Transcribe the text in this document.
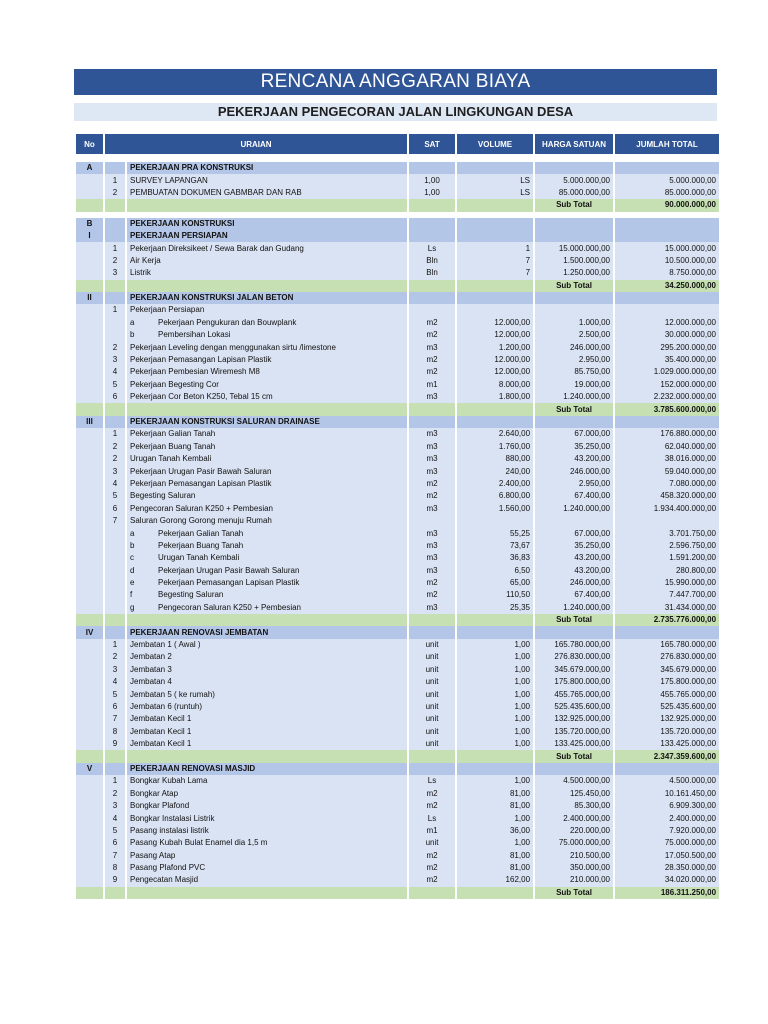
RENCANA ANGGARAN BIAYA
PEKERJAAN PENGECORAN JALAN LINGKUNGAN DESA
No	URAIAN		SAT	VOLUME	HARGA SATUAN	JUMLAH TOTAL

A		PEKERJAAN PRA KONSTRUKSI				
	1	SURVEY LAPANGAN	1,00	LS	5.000.000,00	5.000.000,00
	2	PEMBUATAN DOKUMEN GABMBAR DAN RAB	1,00	LS	85.000.000,00	85.000.000,00
					Sub Total	90.000.000,00

B		PEKERJAAN KONSTRUKSI				
I		PEKERJAAN PERSIAPAN				
	1	Pekerjaan Direksikeet / Sewa Barak dan Gudang	Ls	1	15.000.000,00	15.000.000,00
	2	Air Kerja	Bln	7	1.500.000,00	10.500.000,00
	3	Listrik	Bln	7	1.250.000,00	8.750.000,00
					Sub Total	34.250.000,00
II		PEKERJAAN KONSTRUKSI JALAN BETON				
	1	Pekerjaan Persiapan				
		a Pekerjaan Pengukuran dan Bouwplank	m2	12.000,00	1.000,00	12.000.000,00
		b Pembersihan Lokasi	m2	12.000,00	2.500,00	30.000.000,00
	2	Pekerjaan Leveling dengan menggunakan sirtu /limestone	m3	1.200,00	246.000,00	295.200.000,00
	3	Pekerjaan Pemasangan Lapisan Plastik	m2	12.000,00	2.950,00	35.400.000,00
	4	Pekerjaan Pembesian Wiremesh M8	m2	12.000,00	85.750,00	1.029.000.000,00
	5	Pekerjaan Begesting Cor	m1	8.000,00	19.000,00	152.000.000,00
	6	Pekerjaan Cor Beton K250, Tebal 15 cm	m3	1.800,00	1.240.000,00	2.232.000.000,00
					Sub Total	3.785.600.000,00
III		PEKERJAAN KONSTRUKSI SALURAN DRAINASE				
	1	Pekerjaan Galian Tanah	m3	2.640,00	67.000,00	176.880.000,00
	2	Pekerjaan Buang Tanah	m3	1.760,00	35.250,00	62.040.000,00
	2	Urugan Tanah Kembali	m3	880,00	43.200,00	38.016.000,00
	3	Pekerjaan Urugan Pasir Bawah Saluran	m3	240,00	246.000,00	59.040.000,00
	4	Pekerjaan Pemasangan Lapisan Plastik	m2	2.400,00	2.950,00	7.080.000,00
	5	Begesting Saluran	m2	6.800,00	67.400,00	458.320.000,00
	6	Pengecoran Saluran K250 + Pembesian	m3	1.560,00	1.240.000,00	1.934.400.000,00
	7	Saluran Gorong Gorong menuju Rumah				
		a Pekerjaan Galian Tanah	m3	55,25	67.000,00	3.701.750,00
		b Pekerjaan Buang Tanah	m3	73,67	35.250,00	2.596.750,00
		c Urugan Tanah Kembali	m3	36,83	43.200,00	1.591.200,00
		d Pekerjaan Urugan Pasir Bawah Saluran	m3	6,50	43.200,00	280.800,00
		e Pekerjaan Pemasangan Lapisan Plastik	m2	65,00	246.000,00	15.990.000,00
		f Begesting Saluran	m2	110,50	67.400,00	7.447.700,00
		g Pengecoran Saluran K250 + Pembesian	m3	25,35	1.240.000,00	31.434.000,00
					Sub Total	2.735.776.000,00
IV		PEKERJAAN RENOVASI JEMBATAN				
	1	Jembatan 1 ( Awal )	unit	1,00	165.780.000,00	165.780.000,00
	2	Jembatan 2	unit	1,00	276.830.000,00	276.830.000,00
	3	Jembatan 3	unit	1,00	345.679.000,00	345.679.000,00
	4	Jembatan 4	unit	1,00	175.800.000,00	175.800.000,00
	5	Jembatan 5 ( ke rumah)	unit	1,00	455.765.000,00	455.765.000,00
	6	Jembatan 6 (runtuh)	unit	1,00	525.435.600,00	525.435.600,00
	7	Jembatan Kecil 1	unit	1,00	132.925.000,00	132.925.000,00
	8	Jembatan Kecil 1	unit	1,00	135.720.000,00	135.720.000,00
	9	Jembatan Kecil 1	unit	1,00	133.425.000,00	133.425.000,00
					Sub Total	2.347.359.600,00
V		PEKERJAAN RENOVASI MASJID				
	1	Bongkar Kubah Lama	Ls	1,00	4.500.000,00	4.500.000,00
	2	Bongkar Atap	m2	81,00	125.450,00	10.161.450,00
	3	Bongkar Plafond	m2	81,00	85.300,00	6.909.300,00
	4	Bongkar Instalasi Listrik	Ls	1,00	2.400.000,00	2.400.000,00
	5	Pasang instalasi listrik	m1	36,00	220.000,00	7.920.000,00
	6	Pasang Kubah Bulat Enamel dia 1,5 m	unit	1,00	75.000.000,00	75.000.000,00
	7	Pasang Atap	m2	81,00	210.500,00	17.050.500,00
	8	Pasang Plafond PVC	m2	81,00	350.000,00	28.350.000,00
	9	Pengecatan Masjid	m2	162,00	210.000,00	34.020.000,00
					Sub Total	186.311.250,00
